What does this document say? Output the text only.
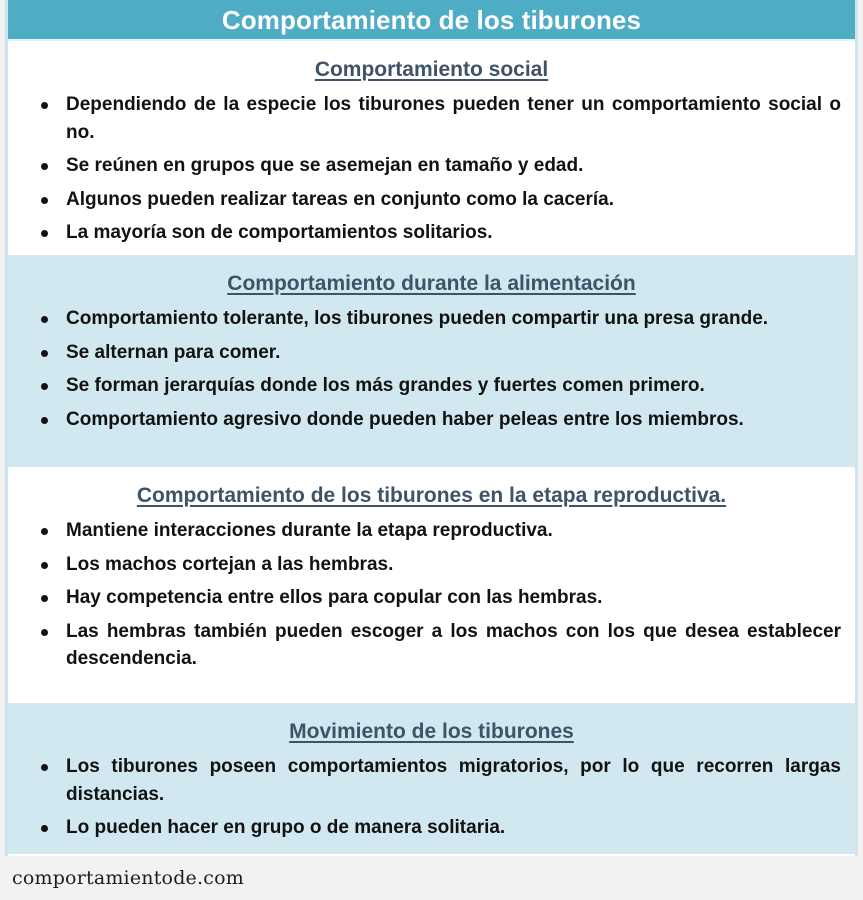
Comportamiento de los tiburones
Comportamiento social
Dependiendo de la especie los tiburones pueden tener un comportamiento social o no.
Se reúnen en grupos que se asemejan en tamaño y edad.
Algunos pueden realizar tareas en conjunto como la cacería.
La mayoría son de comportamientos solitarios.
Comportamiento durante la alimentación
Comportamiento tolerante, los tiburones pueden compartir una presa grande.
Se alternan para comer.
Se forman jerarquías donde los más grandes y fuertes comen primero.
Comportamiento agresivo donde pueden haber peleas entre los miembros.
Comportamiento de los tiburones en la etapa reproductiva.
Mantiene interacciones durante la etapa reproductiva.
Los machos cortejan a las hembras.
Hay competencia entre ellos para copular con las hembras.
Las hembras también pueden escoger a los machos con los que desea establecer descendencia.
Movimiento de los tiburones
Los tiburones poseen comportamientos migratorios, por lo que recorren largas distancias.
Lo pueden hacer en grupo o de manera solitaria.
comportamientode.com
